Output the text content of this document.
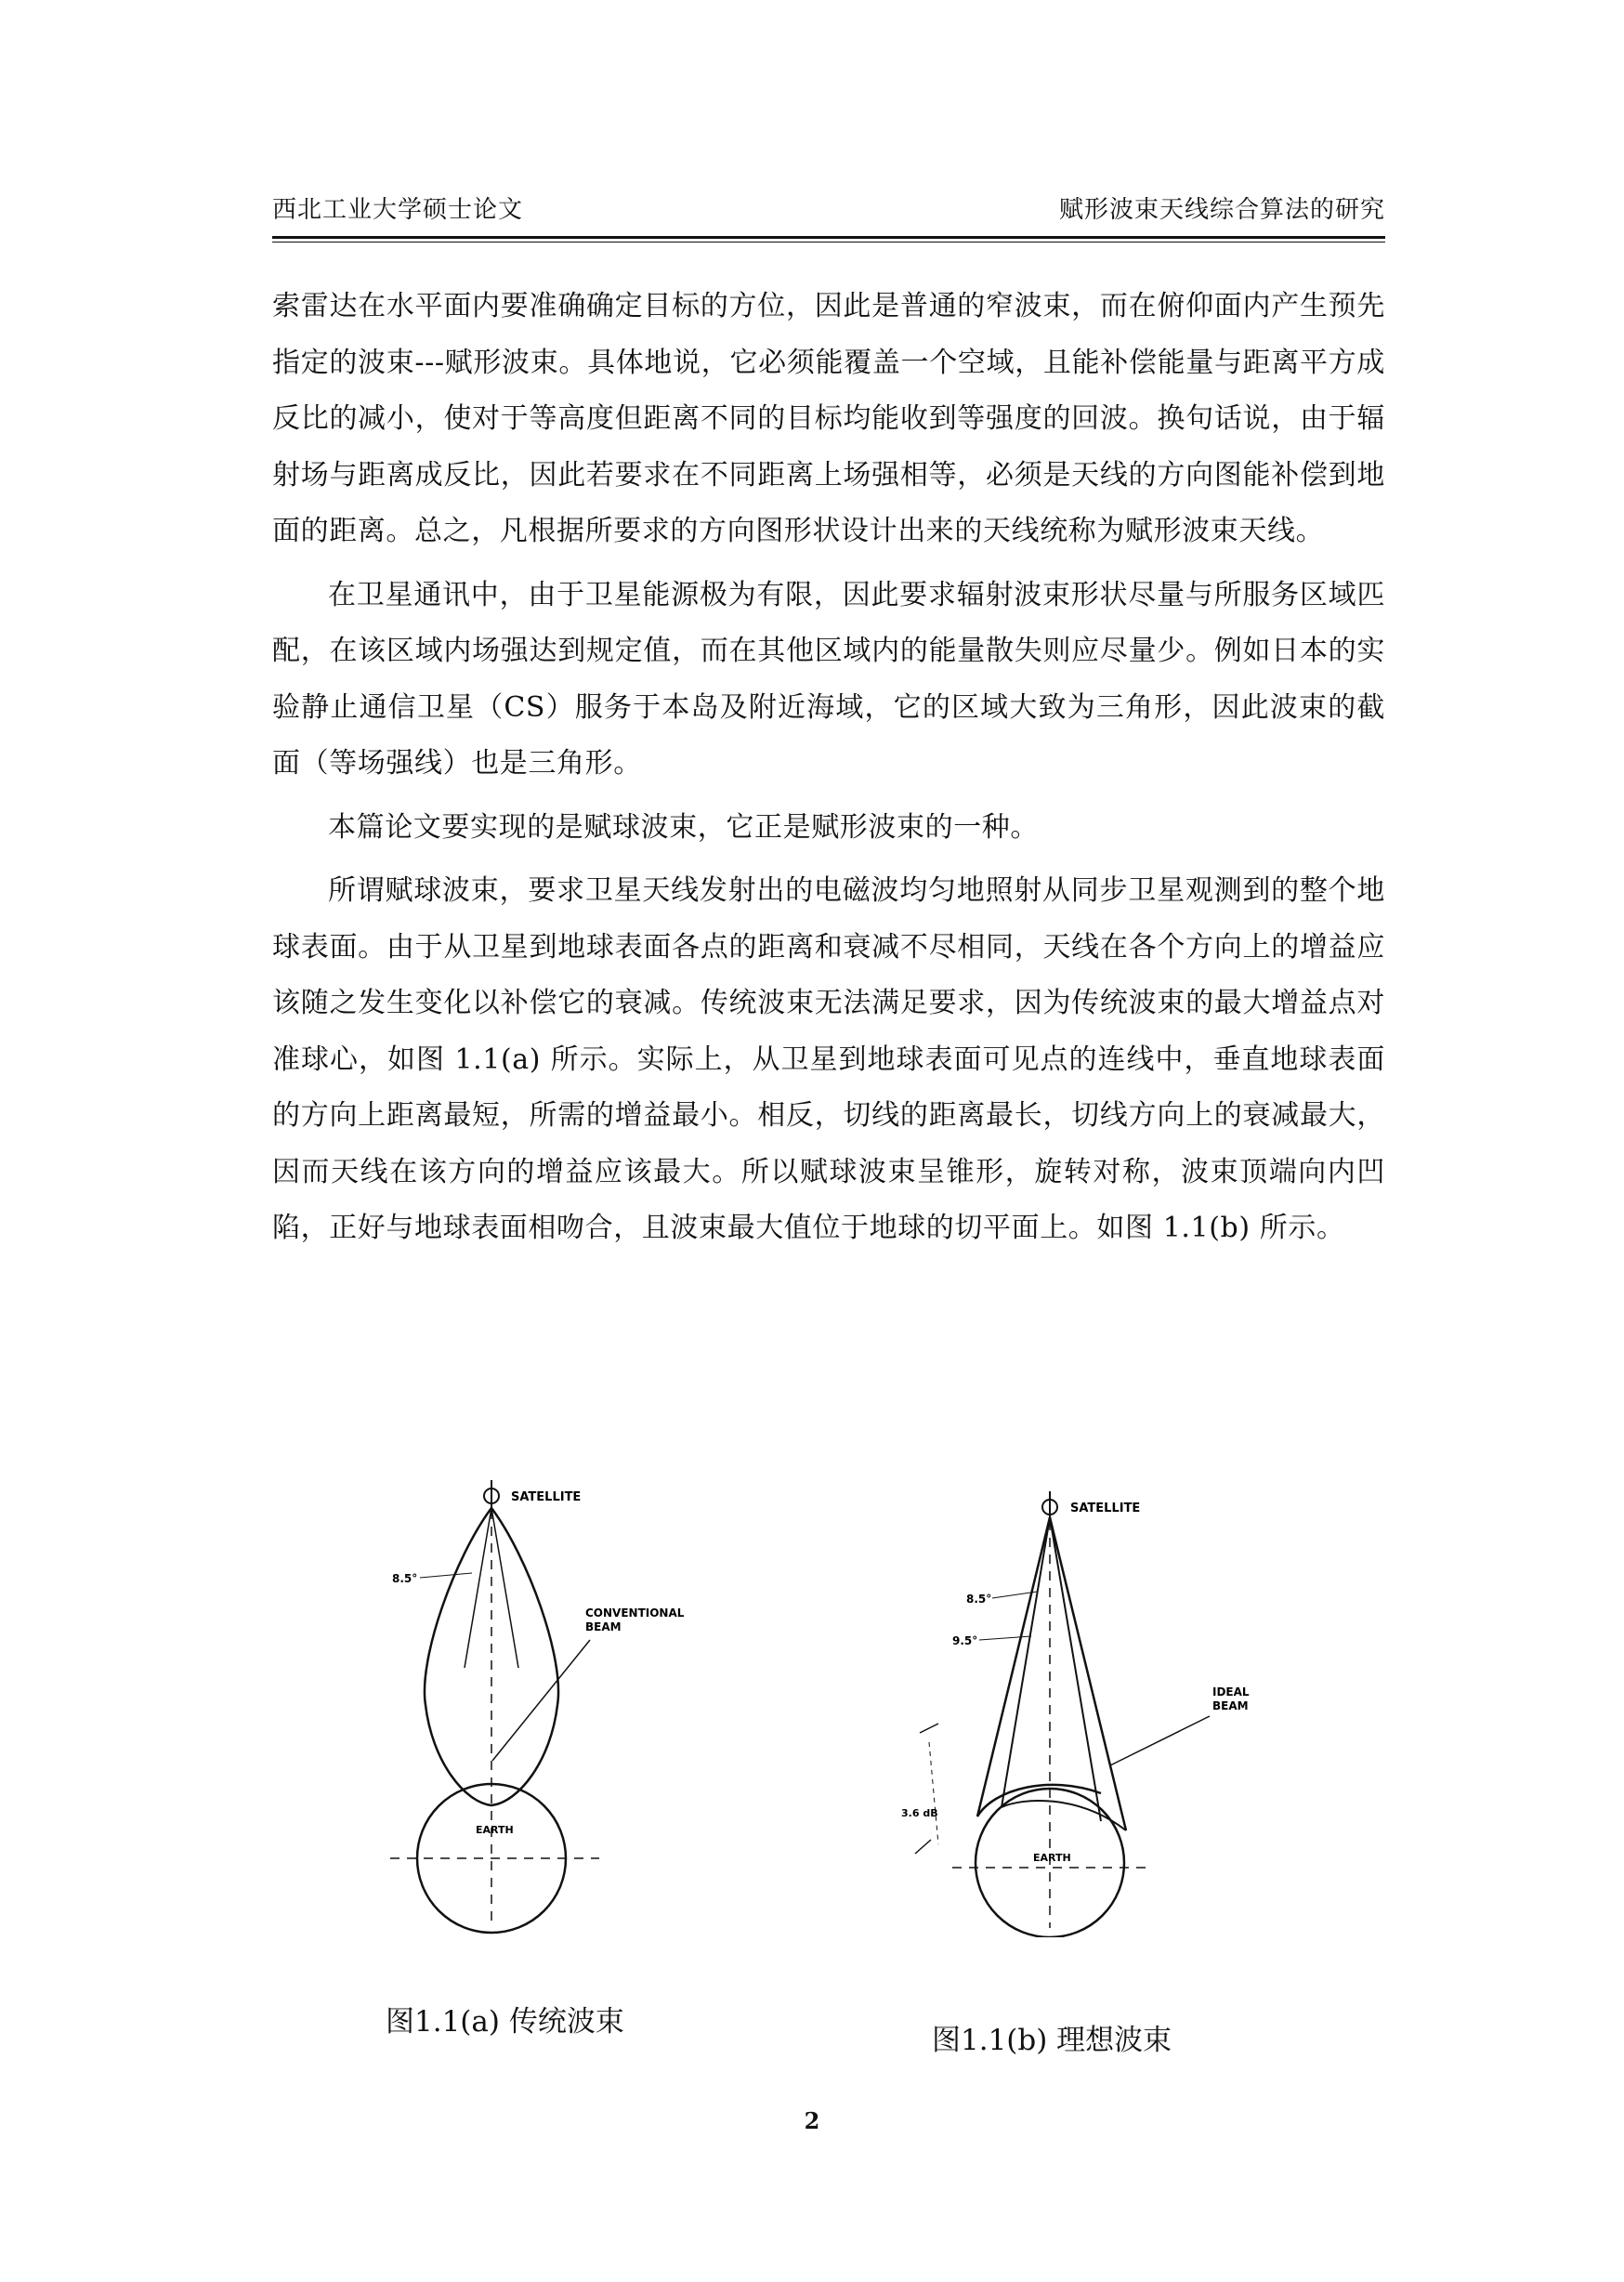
西北工业大学硕士论文	赋形波束天线综合算法的研究

索雷达在水平面内要准确确定目标的方位，因此是普通的窄波束，而在俯仰面内产生预先指定的波束---赋形波束。具体地说，它必须能覆盖一个空域，且能补偿能量与距离平方成反比的减小，使对于等高度但距离不同的目标均能收到等强度的回波。换句话说，由于辐射场与距离成反比，因此若要求在不同距离上场强相等，必须是天线的方向图能补偿到地面的距离。总之，凡根据所要求的方向图形状设计出来的天线统称为赋形波束天线。

在卫星通讯中，由于卫星能源极为有限，因此要求辐射波束形状尽量与所服务区域匹配，在该区域内场强达到规定值，而在其他区域内的能量散失则应尽量少。例如日本的实验静止通信卫星（CS）服务于本岛及附近海域，它的区域大致为三角形，因此波束的截面（等场强线）也是三角形。

本篇论文要实现的是赋球波束，它正是赋形波束的一种。

所谓赋球波束，要求卫星天线发射出的电磁波均匀地照射从同步卫星观测到的整个地球表面。由于从卫星到地球表面各点的距离和衰减不尽相同，天线在各个方向上的增益应该随之发生变化以补偿它的衰减。传统波束无法满足要求，因为传统波束的最大增益点对准球心，如图 1.1(a) 所示。实际上，从卫星到地球表面可见点的连线中，垂直地球表面的方向上距离最短，所需的增益最小。相反，切线的距离最长，切线方向上的衰减最大，因而天线在该方向的增益应该最大。所以赋球波束呈锥形，旋转对称，波束顶端向内凹陷，正好与地球表面相吻合，且波束最大值位于地球的切平面上。如图 1.1(b) 所示。

SATELLITE
8.5°
CONVENTIONAL
BEAM
EARTH
SATELLITE
8.5°
9.5°
IDEAL
BEAM
3.6 dB
EARTH
图1.1(a) 传统波束
图1.1(b) 理想波束
2
